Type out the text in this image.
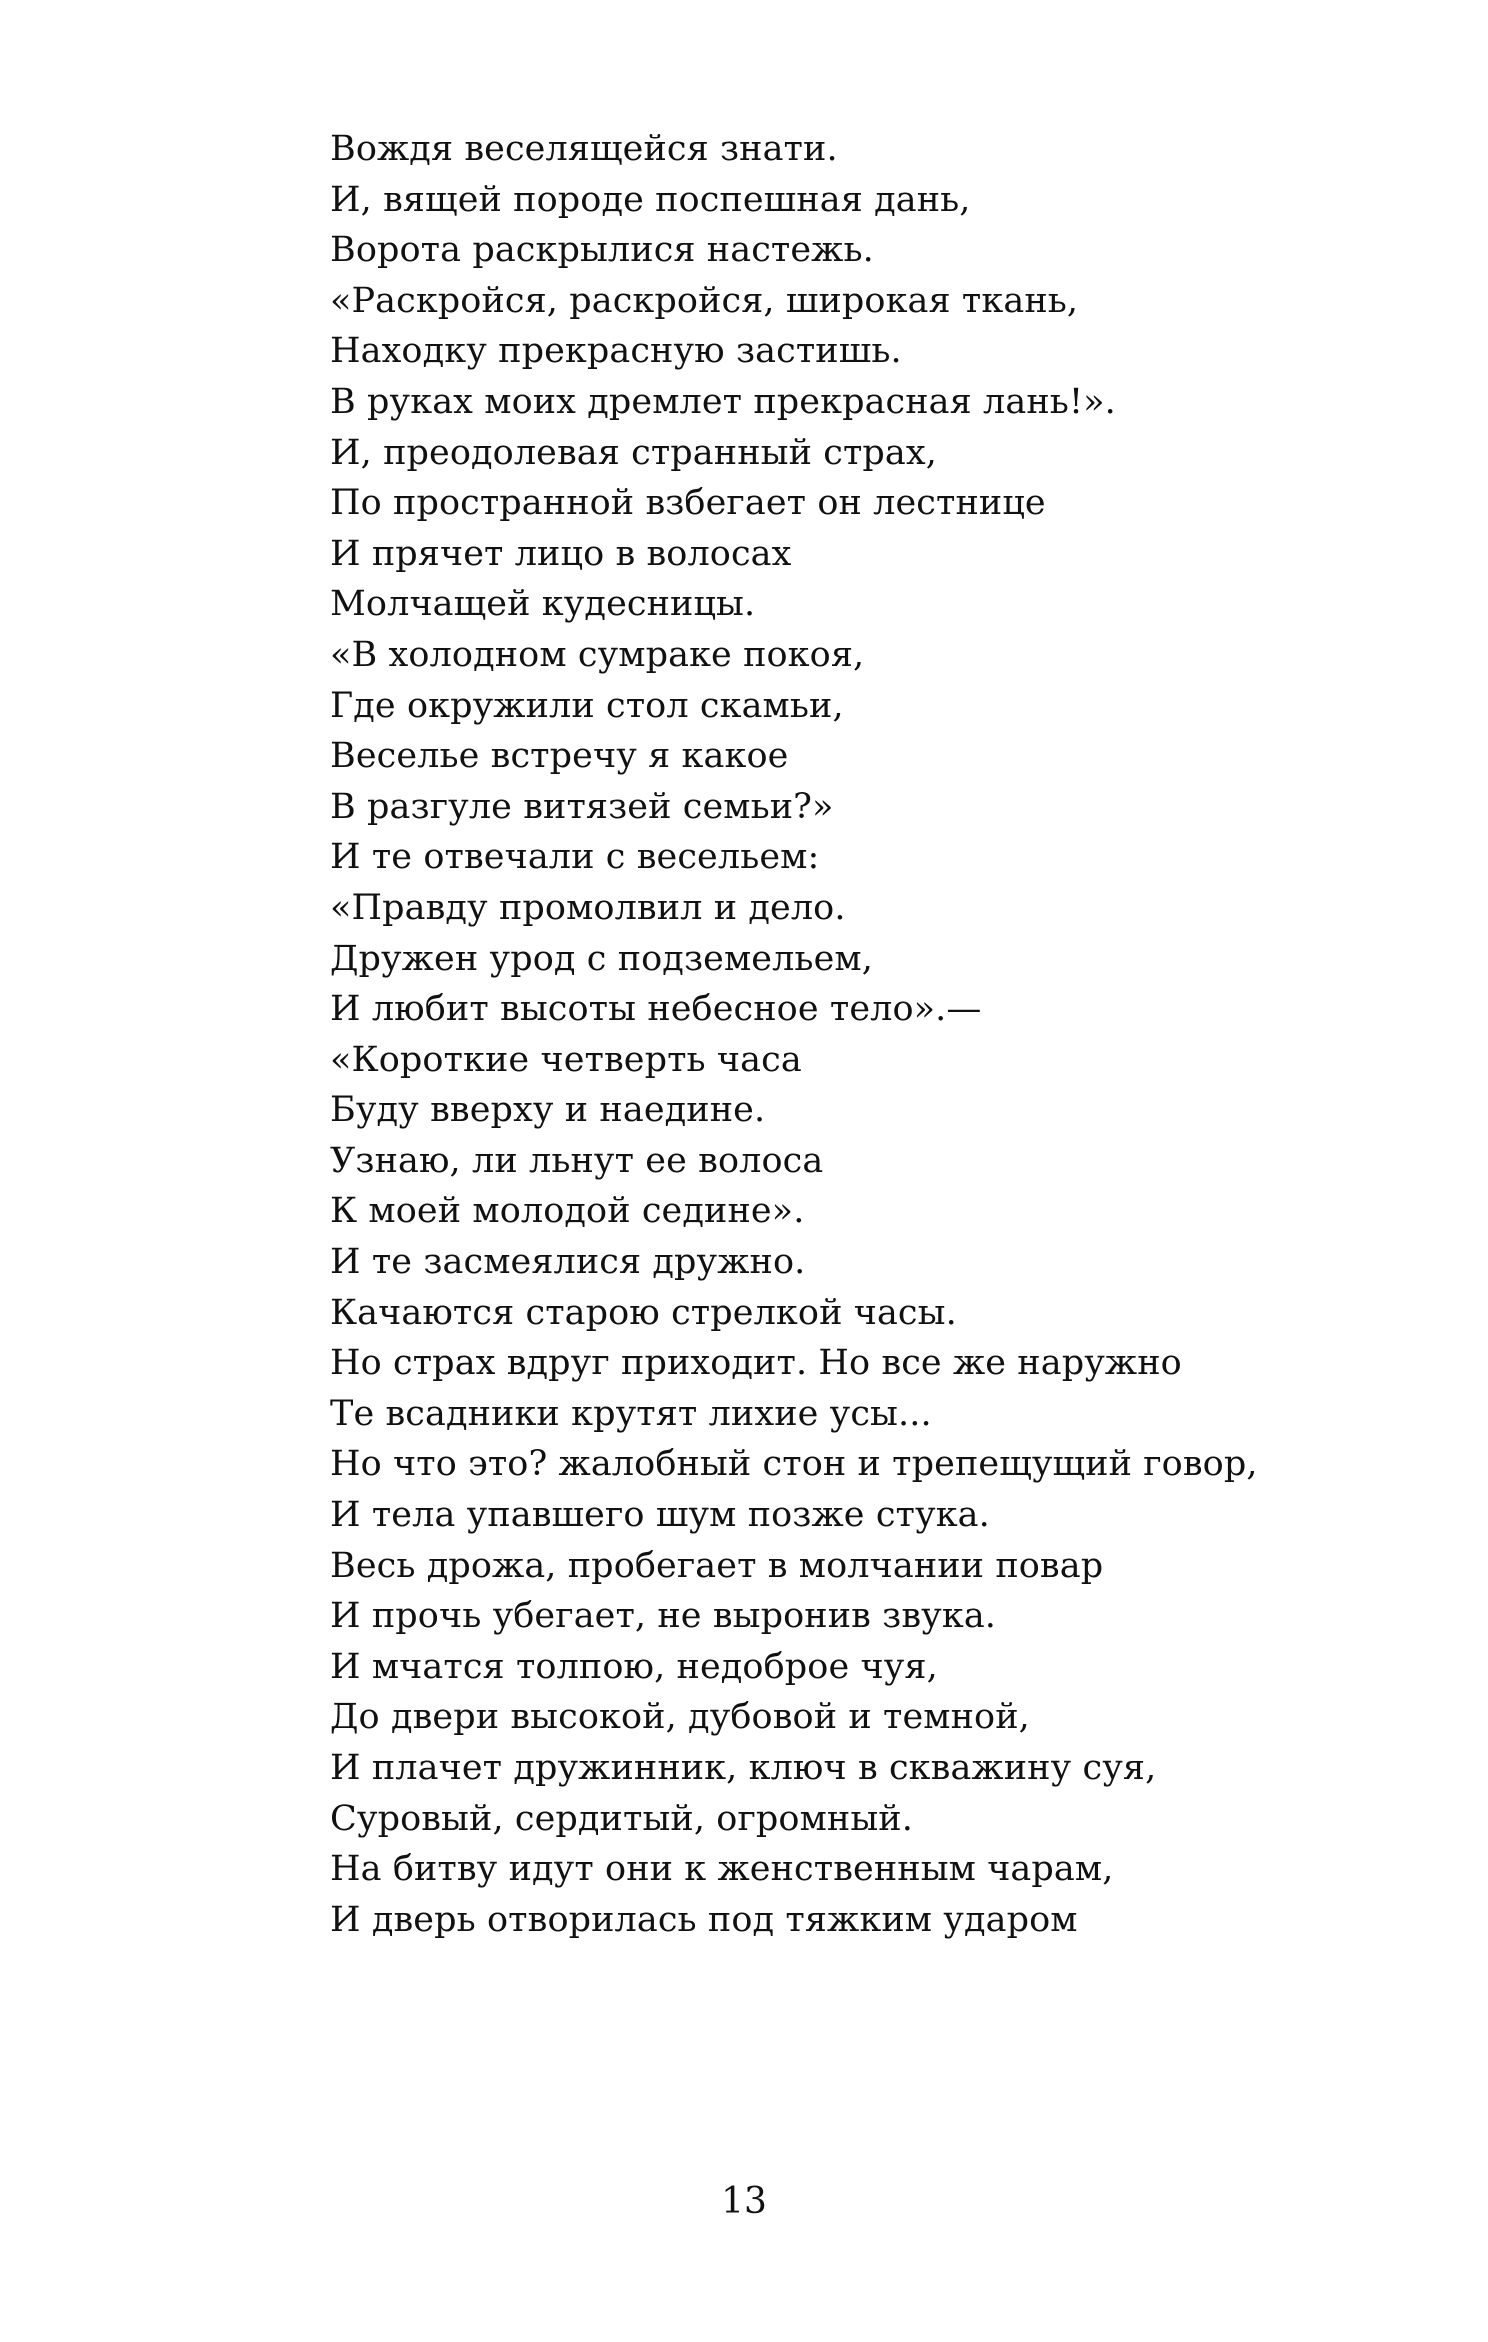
Вождя веселящейся знати.
И, вящей породе поспешная дань,
Ворота раскрылися настежь.
«Раскройся, раскройся, широкая ткань,
Находку прекрасную застишь.
В руках моих дремлет прекрасная лань!».
И, преодолевая странный страх,
По пространной взбегает он лестнице
И прячет лицо в волосах
Молчащей кудесницы.
«В холодном сумраке покоя,
Где окружили стол скамьи,
Веселье встречу я какое
В разгуле витязей семьи?»
И те отвечали с весельем:
«Правду промолвил и дело.
Дружен урод с подземельем,
И любит высоты небесное тело».—
«Короткие четверть часа
Буду вверху и наедине.
Узнаю, ли льнут ее волоса
К моей молодой седине».
И те засмеялися дружно.
Качаются старою стрелкой часы.
Но страх вдруг приходит. Но все же наружно
Те всадники крутят лихие усы...
Но что это? жалобный стон и трепещущий говор,
И тела упавшего шум позже стука.
Весь дрожа, пробегает в молчании повар
И прочь убегает, не выронив звука.
И мчатся толпою, недоброе чуя,
До двери высокой, дубовой и темной,
И плачет дружинник, ключ в скважину суя,
Суровый, сердитый, огромный.
На битву идут они к женственным чарам,
И дверь отворилась под тяжким ударом
13
